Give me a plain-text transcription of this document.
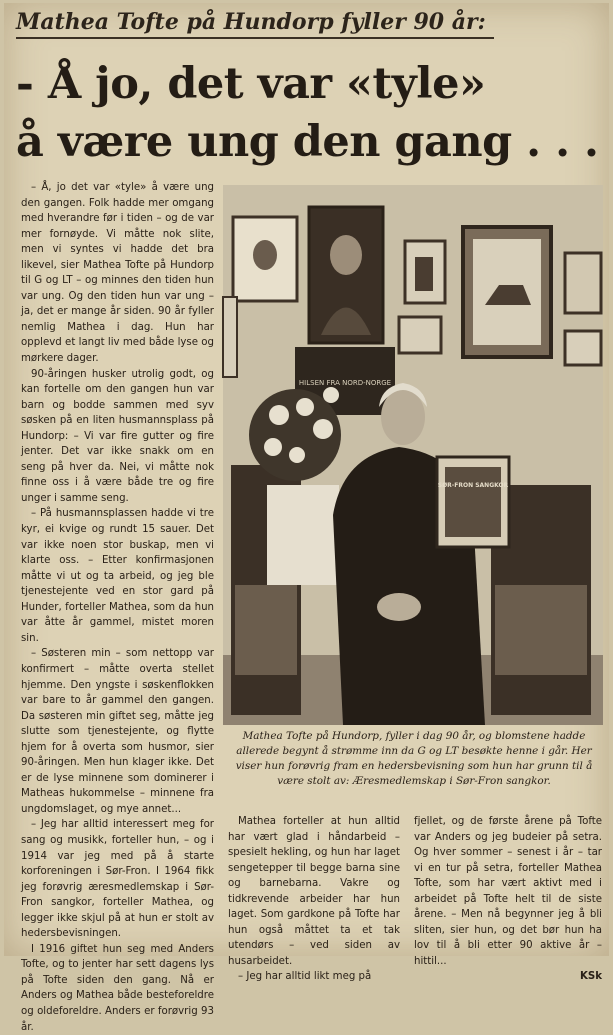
Mathea Tofte på Hundorp fyller 90 år:
- Å jo, det var «tyle»
å være ung den gang . . .

– Å, jo det var «tyle» å være ung den gangen. Folk hadde mer omgang med hverandre før i tiden – og de var mer fornøyde. Vi måtte nok slite, men vi syntes vi hadde det bra likevel, sier Mathea Tofte på Hundorp til G og LT – og minnes den tiden hun var ung. Og den tiden hun var ung – ja, det er mange år siden. 90 år fyller nemlig Mathea i dag. Hun har opplevd et langt liv med både lyse og mørkere dager.

90-åringen husker utrolig godt, og kan fortelle om den gangen hun var barn og bodde sammen med syv søsken på en liten husmannsplass på Hundorp: – Vi var fire gutter og fire jenter. Det var ikke snakk om en seng på hver da. Nei, vi måtte nok finne oss i å være både tre og fire unger i samme seng.

– På husmannsplassen hadde vi tre kyr, ei kvige og rundt 15 sauer. Det var ikke noen stor buskap, men vi klarte oss. – Etter konfirmasjonen måtte vi ut og ta arbeid, og jeg ble tjenestejente ved en stor gard på Hunder, forteller Mathea, som da hun var åtte år gammel, mistet moren sin.

– Søsteren min – som nettopp var konfirmert – måtte overta stellet hjemme. Den yngste i søskenflokken var bare to år gammel den gangen. Da søsteren min giftet seg, måtte jeg slutte som tjenestejente, og flytte hjem for å overta som husmor, sier 90-åringen. Men hun klager ikke. Det er de lyse minnene som dominerer i Matheas hukommelse – minnene fra ungdomslaget, og mye annet...

– Jeg har alltid interessert meg for sang og musikk, forteller hun, – og i 1914 var jeg med på å starte korforeningen i Sør-Fron. I 1964 fikk jeg forøvrig æresmedlemskap i Sør-Fron sangkor, forteller Mathea, og legger ikke skjul på at hun er stolt av hedersbevisningen.

I 1916 giftet hun seg med Anders Tofte, og to jenter har sett dagens lys på Tofte siden den gang. Nå er Anders og Mathea både besteforeldre og oldeforeldre. Anders er forøvrig 93 år.

HILSEN FRA NORD-NORGE
SØR-FRON SANGKOR
Mathea Tofte på Hundorp, fyller i dag 90 år, og blomstene hadde allerede begynt å strømme inn da G og LT besøkte henne i går. Her viser hun forøvrig fram en hedersbevisning som hun har grunn til å være stolt av: Æresmedlemskap i Sør-Fron sangkor.

Mathea forteller at hun alltid har vært glad i håndarbeid – spesielt hekling, og hun har laget sengetepper til begge barna sine og barnebarna. Vakre og tidkrevende arbeider har hun laget. Som gardkone på Tofte har hun også måttet ta et tak utendørs – ved siden av husarbeidet.

– Jeg har alltid likt meg på

fjellet, og de første årene på Tofte var Anders og jeg budeier på setra. Og hver sommer – senest i år – tar vi en tur på setra, forteller Mathea Tofte, som har vært aktivt med i arbeidet på Tofte helt til de siste årene. – Men nå begynner jeg å bli sliten, sier hun, og det bør hun ha lov til å bli etter 90 aktive år – hittil...
KSk
